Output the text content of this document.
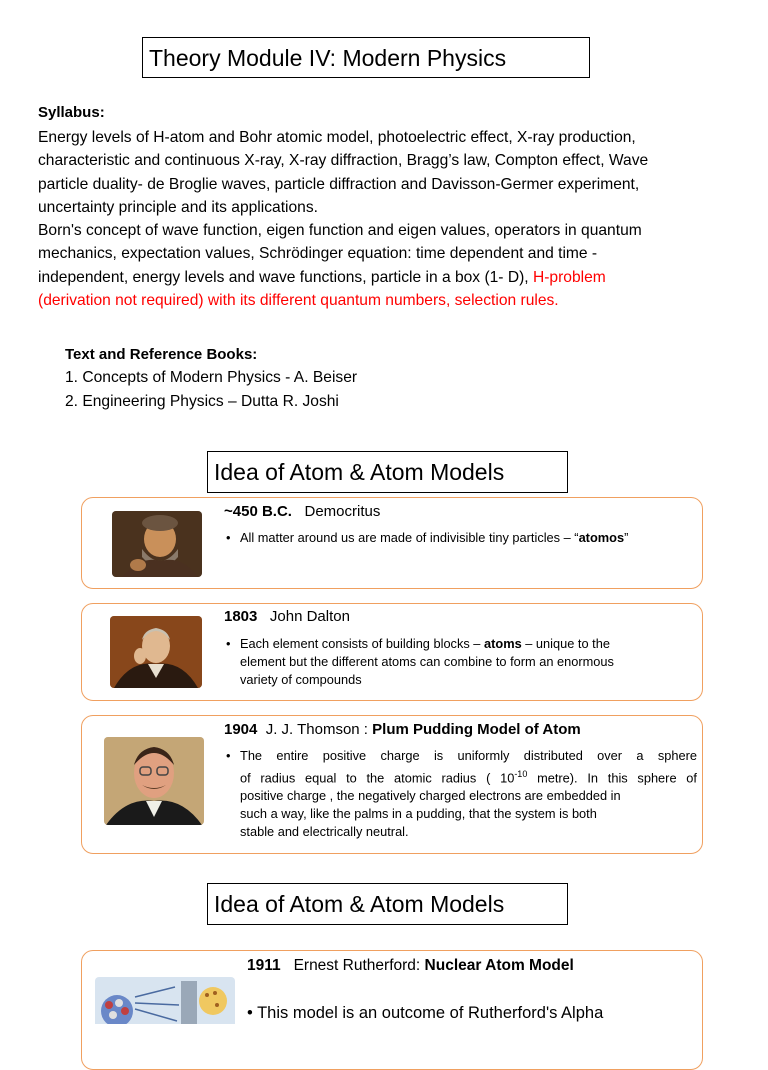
Theory Module IV: Modern Physics
Syllabus:
Energy levels of H-atom and Bohr atomic model, photoelectric effect, X-ray production,
characteristic and continuous X-ray, X-ray diffraction, Bragg’s law, Compton effect, Wave
particle duality- de Broglie waves, particle diffraction and Davisson-Germer experiment,
uncertainty principle and its applications.
Born's concept of wave function, eigen function and eigen values, operators in quantum
mechanics, expectation values, Schrödinger equation: time dependent and time -
independent, energy levels and wave functions, particle in a box (1- D), H-problem
(derivation not required) with its different quantum numbers, selection rules.
Text and Reference Books:
1. Concepts of Modern Physics - A. Beiser
2. Engineering Physics – Dutta R. Joshi
Idea of Atom & Atom Models
~450 B.C. Democritus
• All matter around us are made of indivisible tiny particles – “atomos”
1803 John Dalton
• Each element consists of building blocks – atoms – unique to the
element but the different atoms can combine to form an enormous
variety of compounds
1904 J. J. Thomson : Plum Pudding Model of Atom
• The entire positive charge is uniformly distributed over a sphere
of radius equal to the atomic radius ( $10^{-10}$ metre). In this sphere of
positive charge , the negatively charged electrons are embedded in
such a way, like the palms in a pudding, that the system is both
stable and electrically neutral.
Idea of Atom & Atom Models
1911 Ernest Rutherford: Nuclear Atom Model
• This model is an outcome of Rutherford's Alpha
